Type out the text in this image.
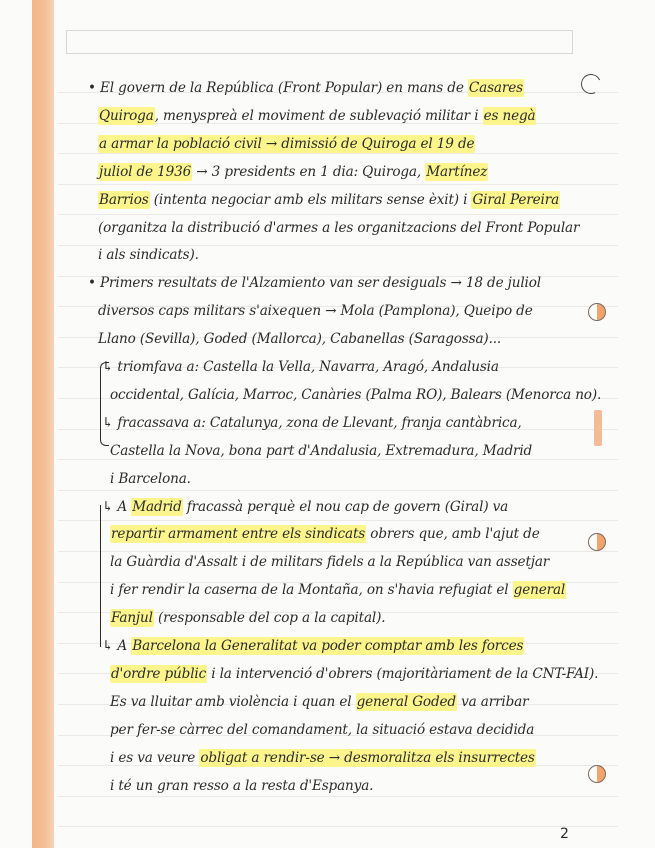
• El govern de la República (Front Popular) en mans de Casares
Quiroga, menyspreà el moviment de sublevaçió militar i es negà
a armar la població civil → dimissió de Quiroga el 19 de
juliol de 1936 → 3 presidents en 1 dia: Quiroga, Martínez
Barrios (intenta negociar amb els militars sense èxit) i Giral Pereira
(organitza la distribució d'armes a les organitzacions del Front Popular
i als sindicats).
• Primers resultats de l'Alzamiento van ser desiguals → 18 de juliol
diversos caps militars s'aixequen → Mola (Pamplona), Queipo de
Llano (Sevilla), Goded (Mallorca), Cabanellas (Saragossa)...
↳ triomfava a: Castella la Vella, Navarra, Aragó, Andalusia
occidental, Galícia, Marroc, Canàries (Palma RO), Balears (Menorca no).
↳ fracassava a: Catalunya, zona de Llevant, franja cantàbrica,
Castella la Nova, bona part d'Andalusia, Extremadura, Madrid
i Barcelona.
↳ A Madrid fracassà perquè el nou cap de govern (Giral) va
repartir armament entre els sindicats obrers que, amb l'ajut de
la Guàrdia d'Assalt i de militars fidels a la República van assetjar
i fer rendir la caserna de la Montaña, on s'havia refugiat el general
Fanjul (responsable del cop a la capital).
↳ A Barcelona la Generalitat va poder comptar amb les forces
d'ordre públic i la intervenció d'obrers (majoritàriament de la CNT-FAI).
Es va lluitar amb violència i quan el general Goded va arribar
per fer-se càrrec del comandament, la situació estava decidida
i es va veure obligat a rendir-se → desmoralitza els insurrectes
i té un gran resso a la resta d'Espanya.
2
